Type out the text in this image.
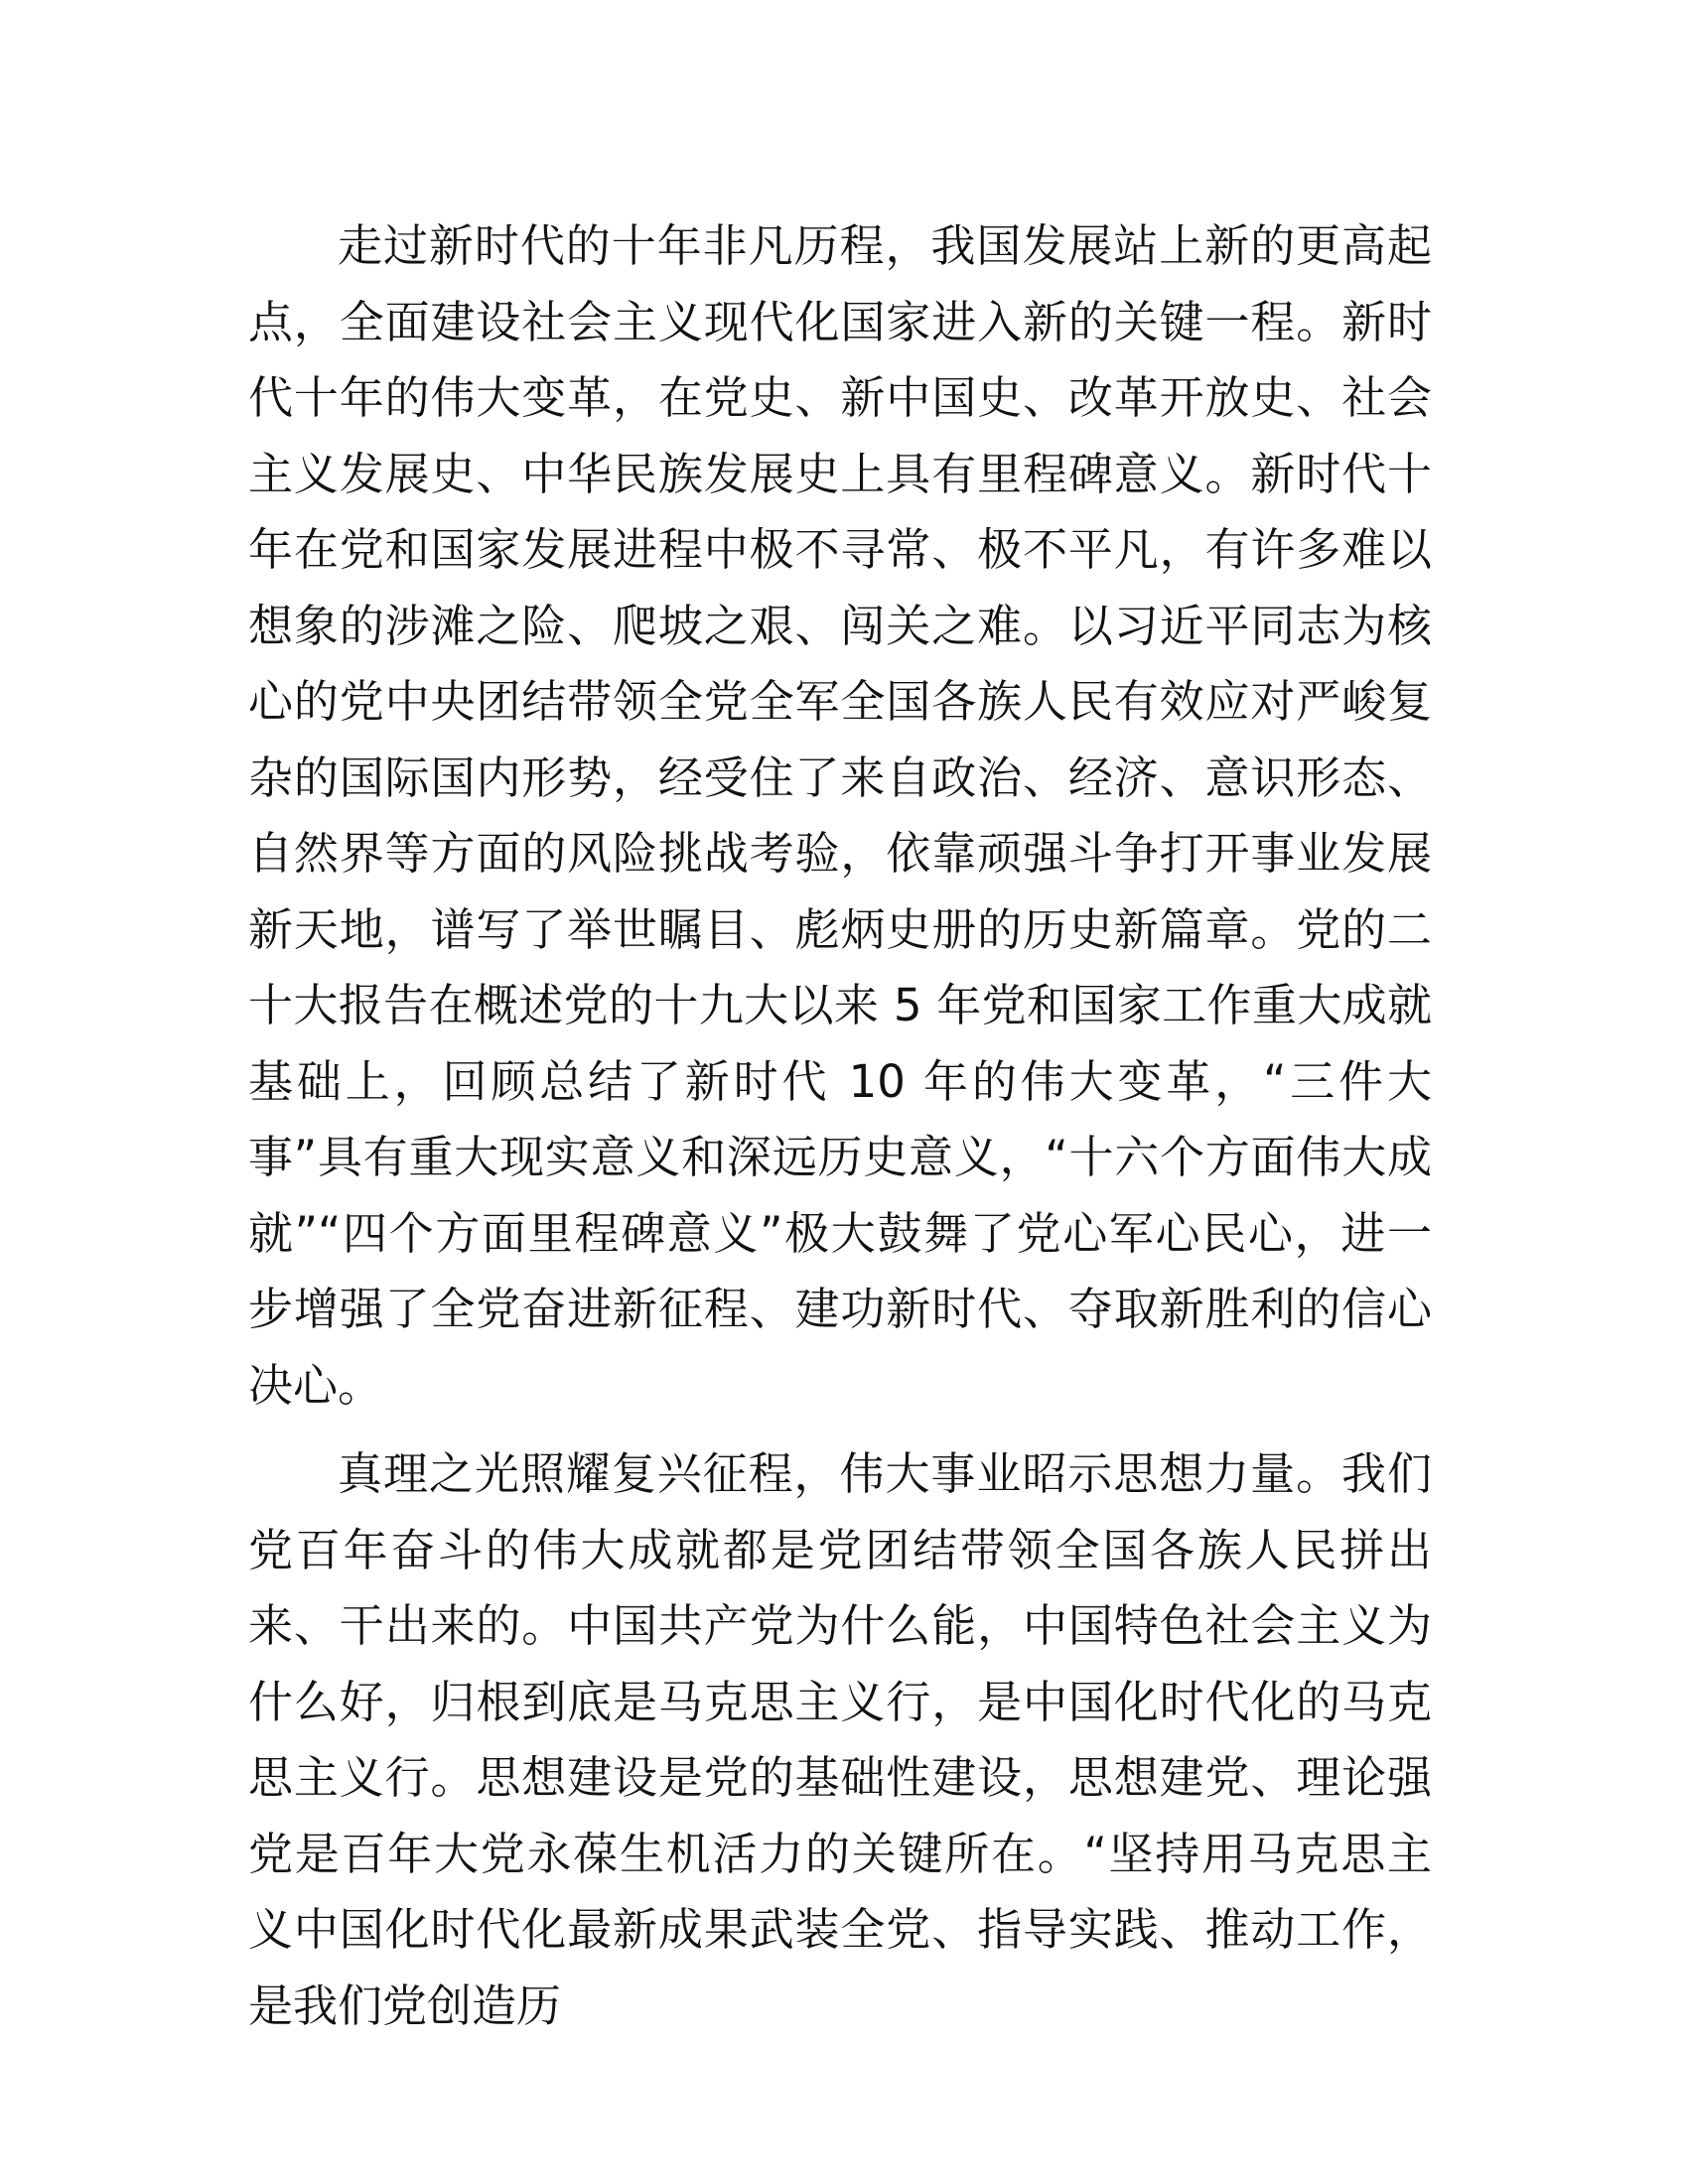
走过新时代的十年非凡历程，我国发展站上新的更高起点，全面建设社会主义现代化国家进入新的关键一程。新时代十年的伟大变革，在党史、新中国史、改革开放史、社会主义发展史、中华民族发展史上具有里程碑意义。新时代十年在党和国家发展进程中极不寻常、极不平凡，有许多难以想象的涉滩之险、爬坡之艰、闯关之难。以习近平同志为核心的党中央团结带领全党全军全国各族人民有效应对严峻复杂的国际国内形势，经受住了来自政治、经济、意识形态、自然界等方面的风险挑战考验，依靠顽强斗争打开事业发展新天地，谱写了举世瞩目、彪炳史册的历史新篇章。党的二十大报告在概述党的十九大以来 5 年党和国家工作重大成就基础上，回顾总结了新时代 10 年的伟大变革，“三件大事”具有重大现实意义和深远历史意义，“十六个方面伟大成就”“四个方面里程碑意义”极大鼓舞了党心军心民心，进一步增强了全党奋进新征程、建功新时代、夺取新胜利的信心决心。

真理之光照耀复兴征程，伟大事业昭示思想力量。我们党百年奋斗的伟大成就都是党团结带领全国各族人民拼出来、干出来的。中国共产党为什么能，中国特色社会主义为什么好，归根到底是马克思主义行，是中国化时代化的马克思主义行。思想建设是党的基础性建设，思想建党、理论强党是百年大党永葆生机活力的关键所在。“坚持用马克思主义中国化时代化最新成果武装全党、指导实践、推动工作，是我们党创造历
